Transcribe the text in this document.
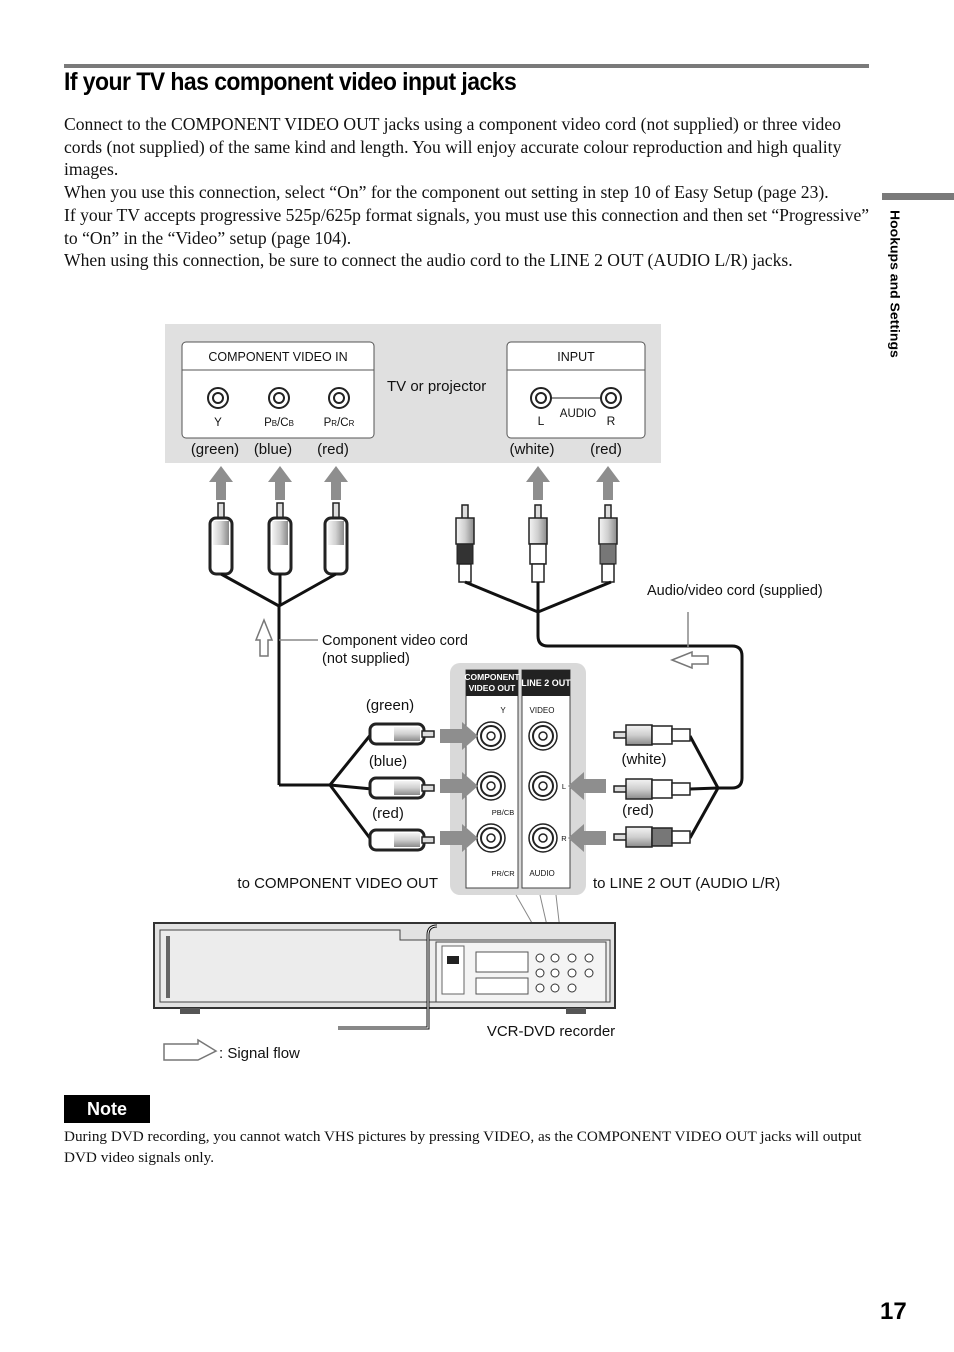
If your TV has component video input jacks

Connect to the COMPONENT VIDEO OUT jacks using a component video cord (not supplied) or three video cords (not supplied) of the same kind and length. You will enjoy accurate colour reproduction and high quality images.

When you use this connection, select “On” for the component out setting in step 10 of Easy Setup (page 23).

If your TV accepts progressive 525p/625p format signals, you must use this connection and then set “Progressive” to “On” in the “Video” setup (page 104).

When using this connection, be sure to connect the audio cord to the LINE 2 OUT (AUDIO L/R) jacks.	Hookups and Settings
COMPONENT VIDEO IN
Y	PB/CB	PR/CR
TV or projector
INPUT
AUDIO
L	R
(green) (blue) (red)	(white) (red)
Component video cord
(not supplied)
Audio/video cord (supplied)
COMPONENT
VIDEO OUT LINE 2 OUT
Y	VIDEO
PB/CB
L
R
PR/CR AUDIO
(green)
(blue)
(red)
(white)
(red)
to COMPONENT VIDEO OUT	to LINE 2 OUT (AUDIO L/R)
VCR-DVD recorder
: Signal flow
Note
During DVD recording, you cannot watch VHS pictures by pressing VIDEO, as the COMPONENT VIDEO OUT jacks will output DVD video signals only.
17
